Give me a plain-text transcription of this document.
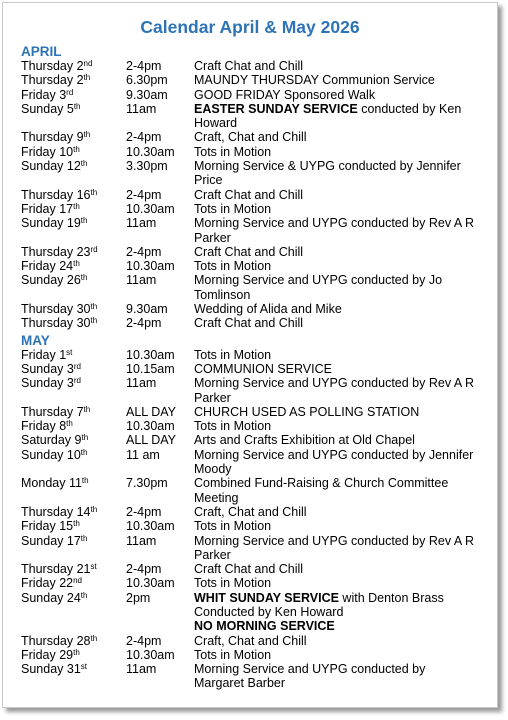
Calendar April & May 2026
APRIL
Thursday 2nd	2-4pm	Craft Chat and Chill
Thursday 2th	6.30pm	MAUNDY THURSDAY Communion Service
Friday 3rd	9.30am	GOOD FRIDAY Sponsored Walk
Sunday 5th	11am	EASTER SUNDAY SERVICE conducted by Ken Howard
Thursday 9th	2-4pm	Craft, Chat and Chill
Friday 10th	10.30am	Tots in Motion
Sunday 12th	3.30pm	Morning Service & UYPG conducted by Jennifer Price
Thursday 16th	2-4pm	Craft Chat and Chill
Friday 17th	10.30am	Tots in Motion
Sunday 19th	11am	Morning Service and UYPG conducted by Rev A R Parker
Thursday 23rd	2-4pm	Craft Chat and Chill
Friday 24th	10.30am	Tots in Motion
Sunday 26th	11am	Morning Service and UYPG conducted by Jo Tomlinson
Thursday 30th	9.30am	Wedding of Alida and Mike
Thursday 30th	2-4pm	Craft Chat and Chill
MAY
Friday 1st	10.30am	Tots in Motion
Sunday 3rd	10.15am	COMMUNION SERVICE
Sunday 3rd	11am	Morning Service and UYPG conducted by Rev A R Parker
Thursday 7th	ALL DAY	CHURCH USED AS POLLING STATION
Friday 8th	10.30am	Tots in Motion
Saturday 9th	ALL DAY	Arts and Crafts Exhibition at Old Chapel
Sunday 10th	11 am	Morning Service and UYPG conducted by Jennifer Moody
Monday 11th	7.30pm	Combined Fund-Raising & Church Committee Meeting
Thursday 14th	2-4pm	Craft, Chat and Chill
Friday 15th	10.30am	Tots in Motion
Sunday 17th	11am	Morning Service and UYPG conducted by Rev A R Parker
Thursday 21st	2-4pm	Craft Chat and Chill
Friday 22nd	10.30am	Tots in Motion
Sunday 24th	2pm	WHIT SUNDAY SERVICE with Denton Brass Conducted by Ken Howard
NO MORNING SERVICE
Thursday 28th	2-4pm	Craft, Chat and Chill
Friday 29th	10.30am	Tots in Motion
Sunday 31st	11am	Morning Service and UYPG conducted by Margaret Barber
